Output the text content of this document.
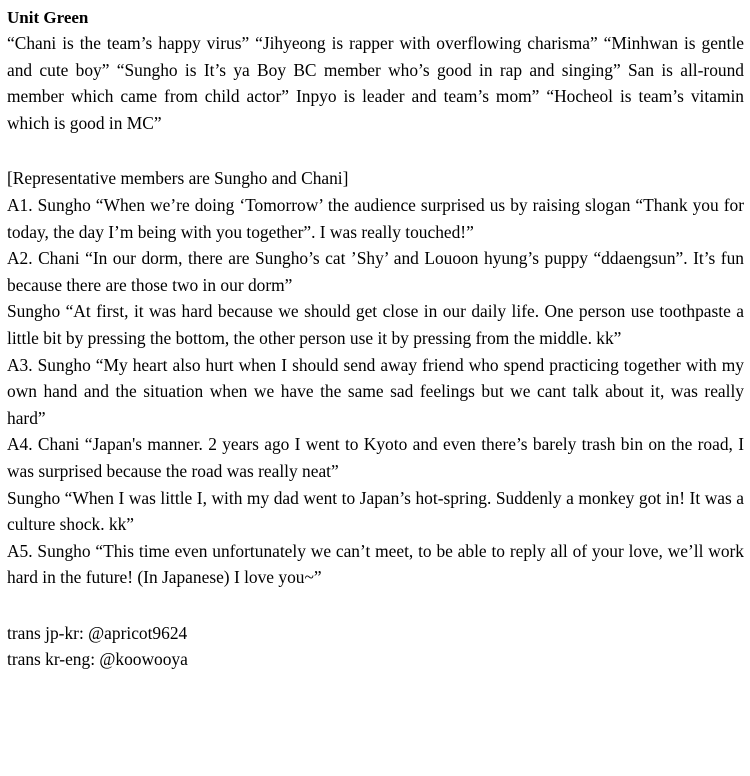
Unit Green

“Chani is the team’s happy virus” “Jihyeong is rapper with overflowing charisma” “Minhwan is gentle and cute boy” “Sungho is It’s ya Boy BC member who’s good in rap and singing” San is all-round member which came from child actor” Inpyo is leader and team’s mom” “Hocheol is team’s vitamin which is good in MC”

[Representative members are Sungho and Chani]

A1. Sungho “When we’re doing ‘Tomorrow’ the audience surprised us by raising slogan “Thank you for today, the day I’m being with you together”. I was really touched!”

A2. Chani “In our dorm, there are Sungho’s cat ’Shy’ and Louoon hyung’s puppy “ddaengsun”. It’s fun because there are those two in our dorm”

Sungho “At first, it was hard because we should get close in our daily life. One person use toothpaste a little bit by pressing the bottom, the other person use it by pressing from the middle. kk”

A3. Sungho “My heart also hurt when I should send away friend who spend practicing together with my own hand and the situation when we have the same sad feelings but we cant talk about it, was really hard”

A4. Chani “Japan's manner. 2 years ago I went to Kyoto and even there’s barely trash bin on the road, I was surprised because the road was really neat”

Sungho “When I was little I, with my dad went to Japan’s hot-spring. Suddenly a monkey got in! It was a culture shock. kk”

A5. Sungho “This time even unfortunately we can’t meet, to be able to reply all of your love, we’ll work hard in the future! (In Japanese) I love you~”

trans jp-kr: @apricot9624
trans kr-eng: @koowooya
